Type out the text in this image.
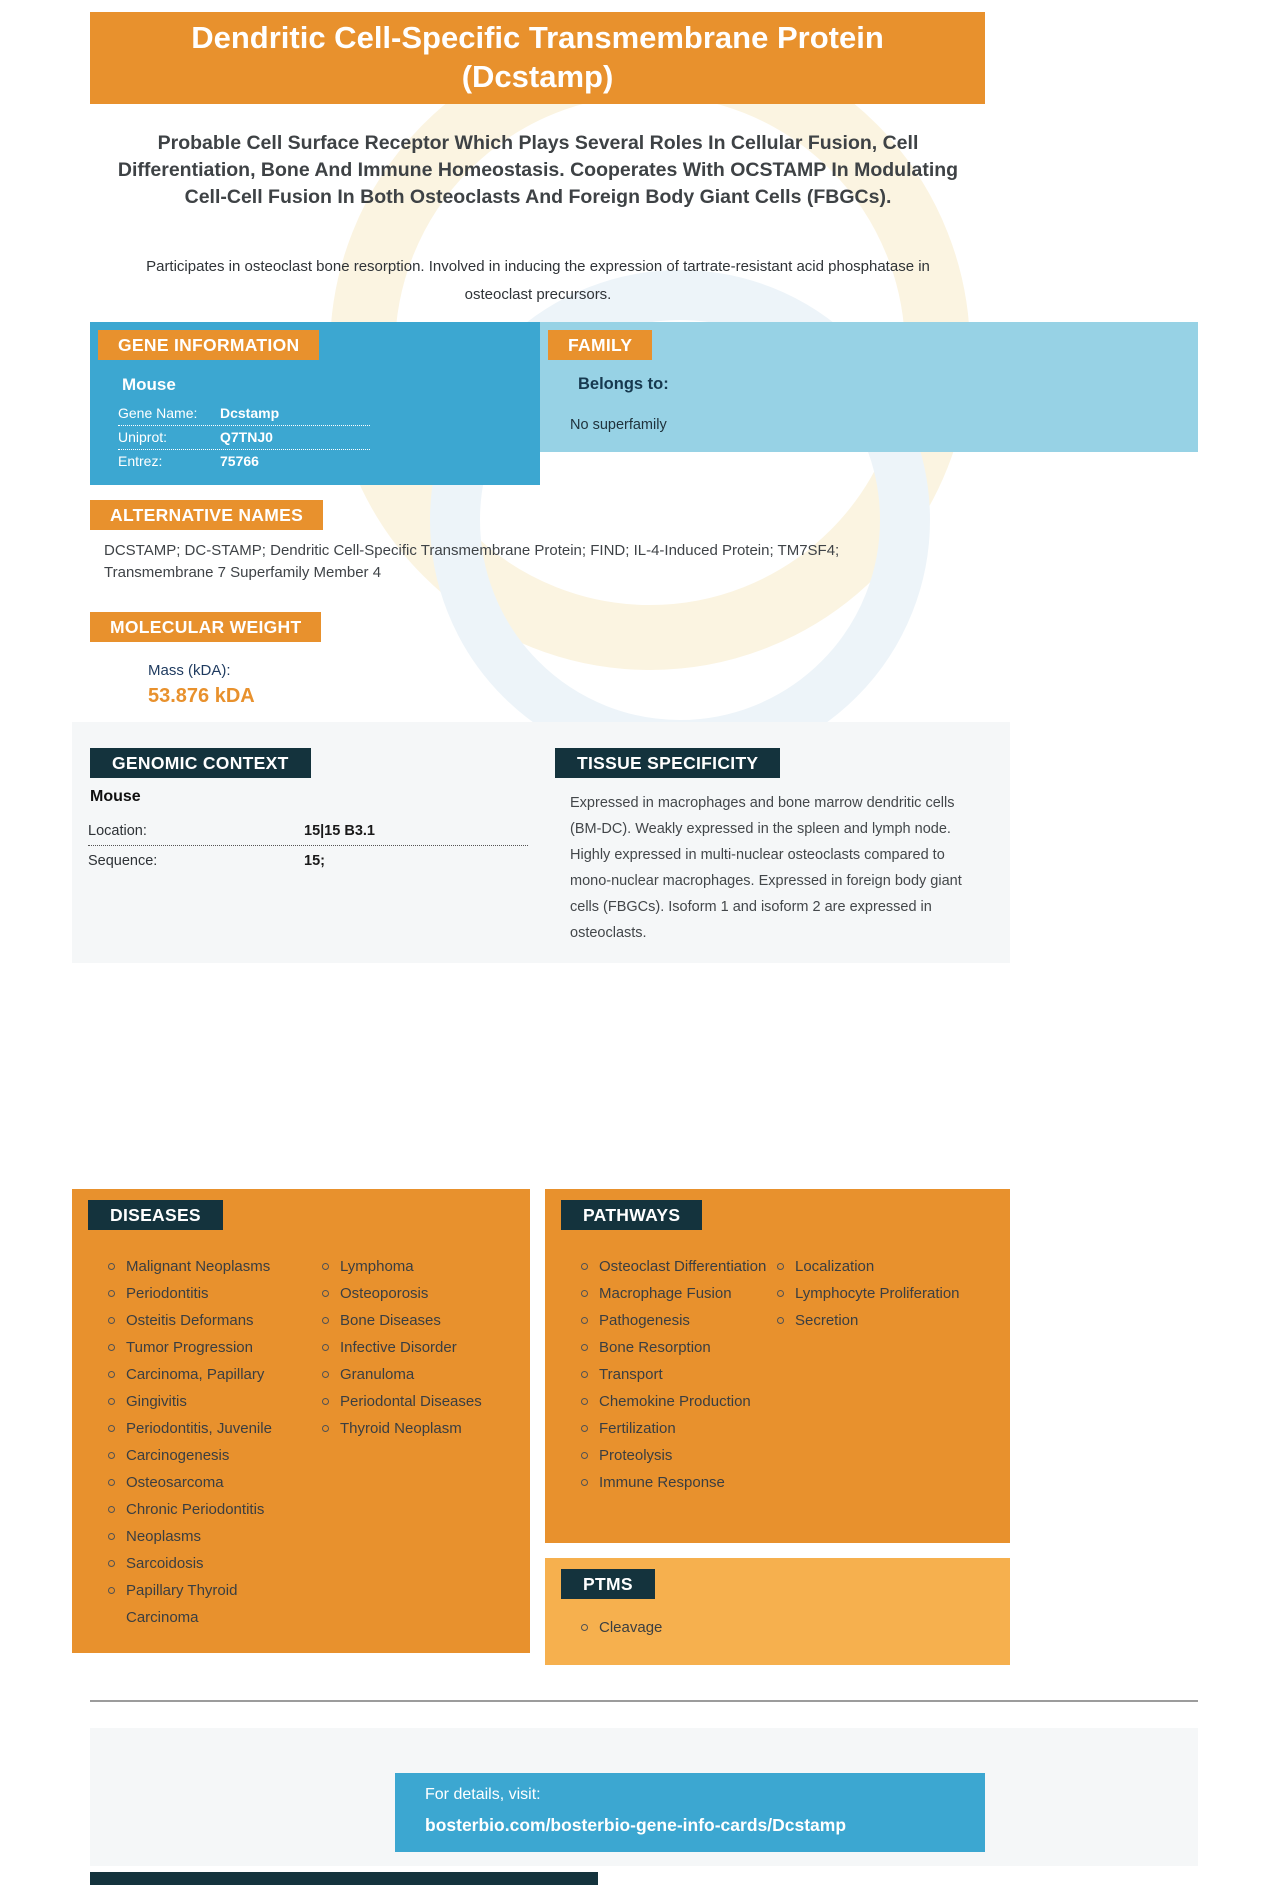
Dendritic Cell-Specific Transmembrane Protein (Dcstamp)
Probable Cell Surface Receptor Which Plays Several Roles In Cellular Fusion, Cell Differentiation, Bone And Immune Homeostasis. Cooperates With OCSTAMP In Modulating Cell-Cell Fusion In Both Osteoclasts And Foreign Body Giant Cells (FBGCs).
Participates in osteoclast bone resorption. Involved in inducing the expression of tartrate-resistant acid phosphatase in osteoclast precursors.
GENE INFORMATION
Mouse
Gene Name:	Dcstamp
Uniprot:	Q7TNJ0
Entrez:	75766
FAMILY
Belongs to:
No superfamily
ALTERNATIVE NAMES
DCSTAMP; DC-STAMP; Dendritic Cell-Specific Transmembrane Protein; FIND; IL-4-Induced Protein; TM7SF4; Transmembrane 7 Superfamily Member 4
MOLECULAR WEIGHT
Mass (kDA):
53.876 kDA
GENOMIC CONTEXT	TISSUE SPECIFICITY
Mouse
Location:	15|15 B3.1
Sequence:	15;
Expressed in macrophages and bone marrow dendritic cells (BM-DC). Weakly expressed in the spleen and lymph node. Highly expressed in multi-nuclear osteoclasts compared to mono-nuclear macrophages. Expressed in foreign body giant cells (FBGCs). Isoform 1 and isoform 2 are expressed in osteoclasts.
DISEASES
Malignant Neoplasms
Periodontitis
Osteitis Deformans
Tumor Progression
Carcinoma, Papillary
Gingivitis
Periodontitis, Juvenile
Carcinogenesis
Osteosarcoma
Chronic Periodontitis
Neoplasms
Sarcoidosis
Papillary Thyroid Carcinoma
Lymphoma
Osteoporosis
Bone Diseases
Infective Disorder
Granuloma
Periodontal Diseases
Thyroid Neoplasm
PATHWAYS
Osteoclast Differentiation
Macrophage Fusion
Pathogenesis
Bone Resorption
Transport
Chemokine Production
Fertilization
Proteolysis
Immune Response
Localization
Lymphocyte Proliferation
Secretion
PTMS
Cleavage
For details, visit:
bosterbio.com/bosterbio-gene-info-cards/Dcstamp
